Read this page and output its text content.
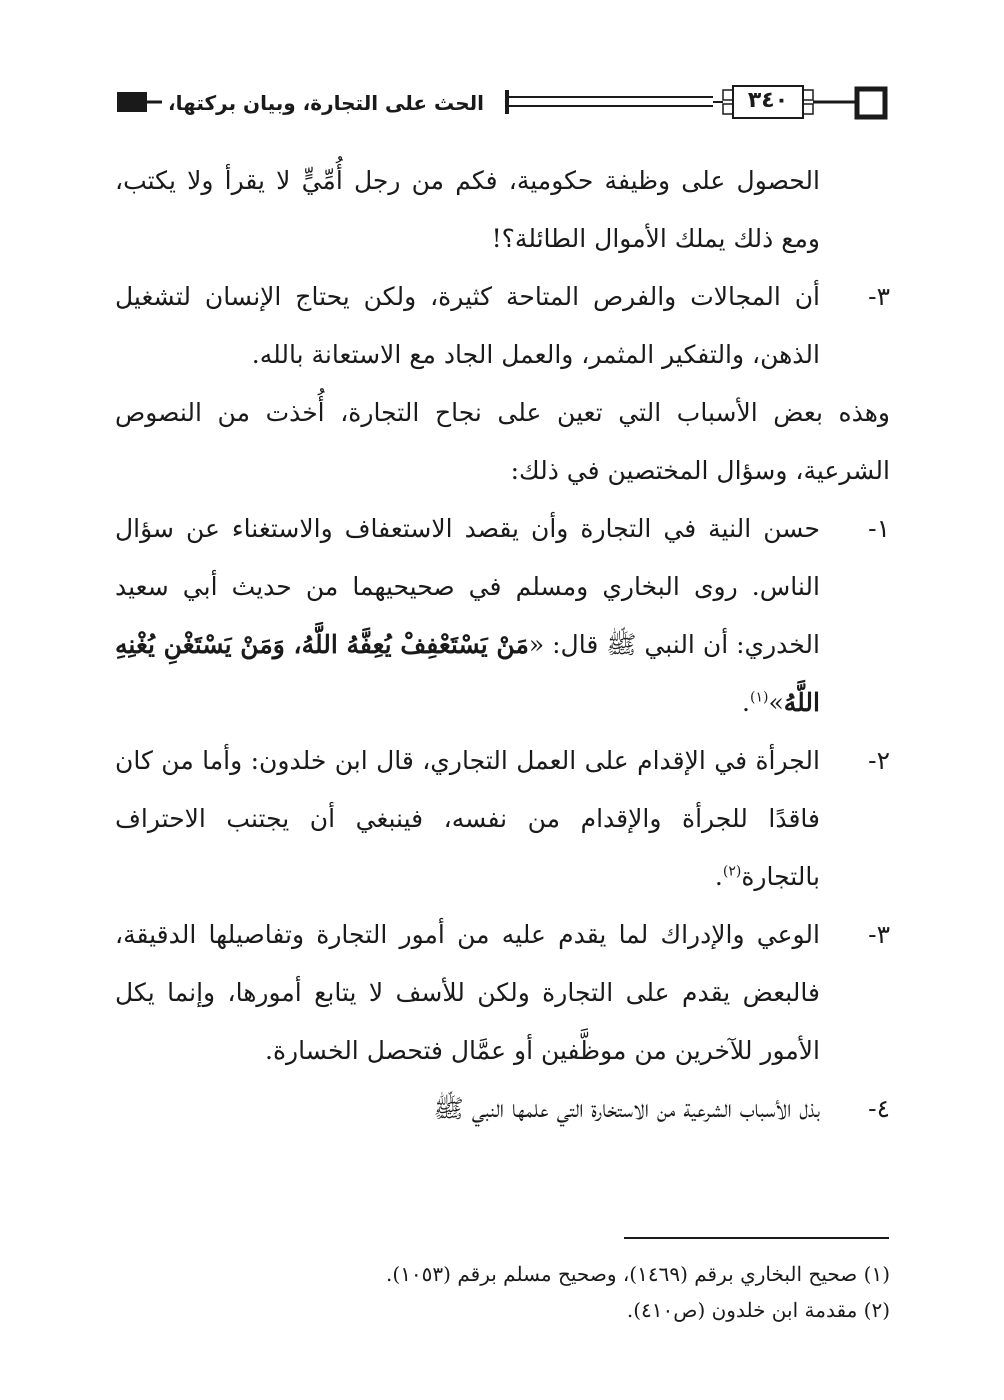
الحث على التجارة، وبيان بركتها،	٣٤٠

الحصول على وظيفة حكومية، فكم من رجل أُمِّيٍّ لا يقرأ ولا يكتب، ومع ذلك يملك الأموال الطائلة؟!

٣-
أن المجالات والفرص المتاحة كثيرة، ولكن يحتاج الإنسان لتشغيل الذهن، والتفكير المثمر، والعمل الجاد مع الاستعانة بالله.

وهذه بعض الأسباب التي تعين على نجاح التجارة، أُخذت من النصوص الشرعية، وسؤال المختصين في ذلك:

١-
حسن النية في التجارة وأن يقصد الاستعفاف والاستغناء عن سؤال الناس. روى البخاري ومسلم في صحيحيهما من حديث أبي سعيد الخدري: أن النبي ﷺ قال: «مَنْ يَسْتَعْفِفْ يُعِفَّهُ اللَّهُ، وَمَنْ يَسْتَغْنِ يُغْنِهِ اللَّهُ»$^{(١)}$.
٢-
الجرأة في الإقدام على العمل التجاري، قال ابن خلدون: وأما من كان فاقدًا للجرأة والإقدام من نفسه، فينبغي أن يجتنب الاحتراف بالتجارة$^{(٢)}$.
٣-
الوعي والإدراك لما يقدم عليه من أمور التجارة وتفاصيلها الدقيقة، فالبعض يقدم على التجارة ولكن للأسف لا يتابع أمورها، وإنما يكل الأمور للآخرين من موظَّفين أو عمَّال فتحصل الخسارة.
٤-
بذل الأسباب الشرعية من الاستخارة التي علمها النبي ﷺ
(١) صحيح البخاري برقم (١٤٦٩)، وصحيح مسلم برقم (١٠٥٣).
(٢) مقدمة ابن خلدون (ص٤١٠).
